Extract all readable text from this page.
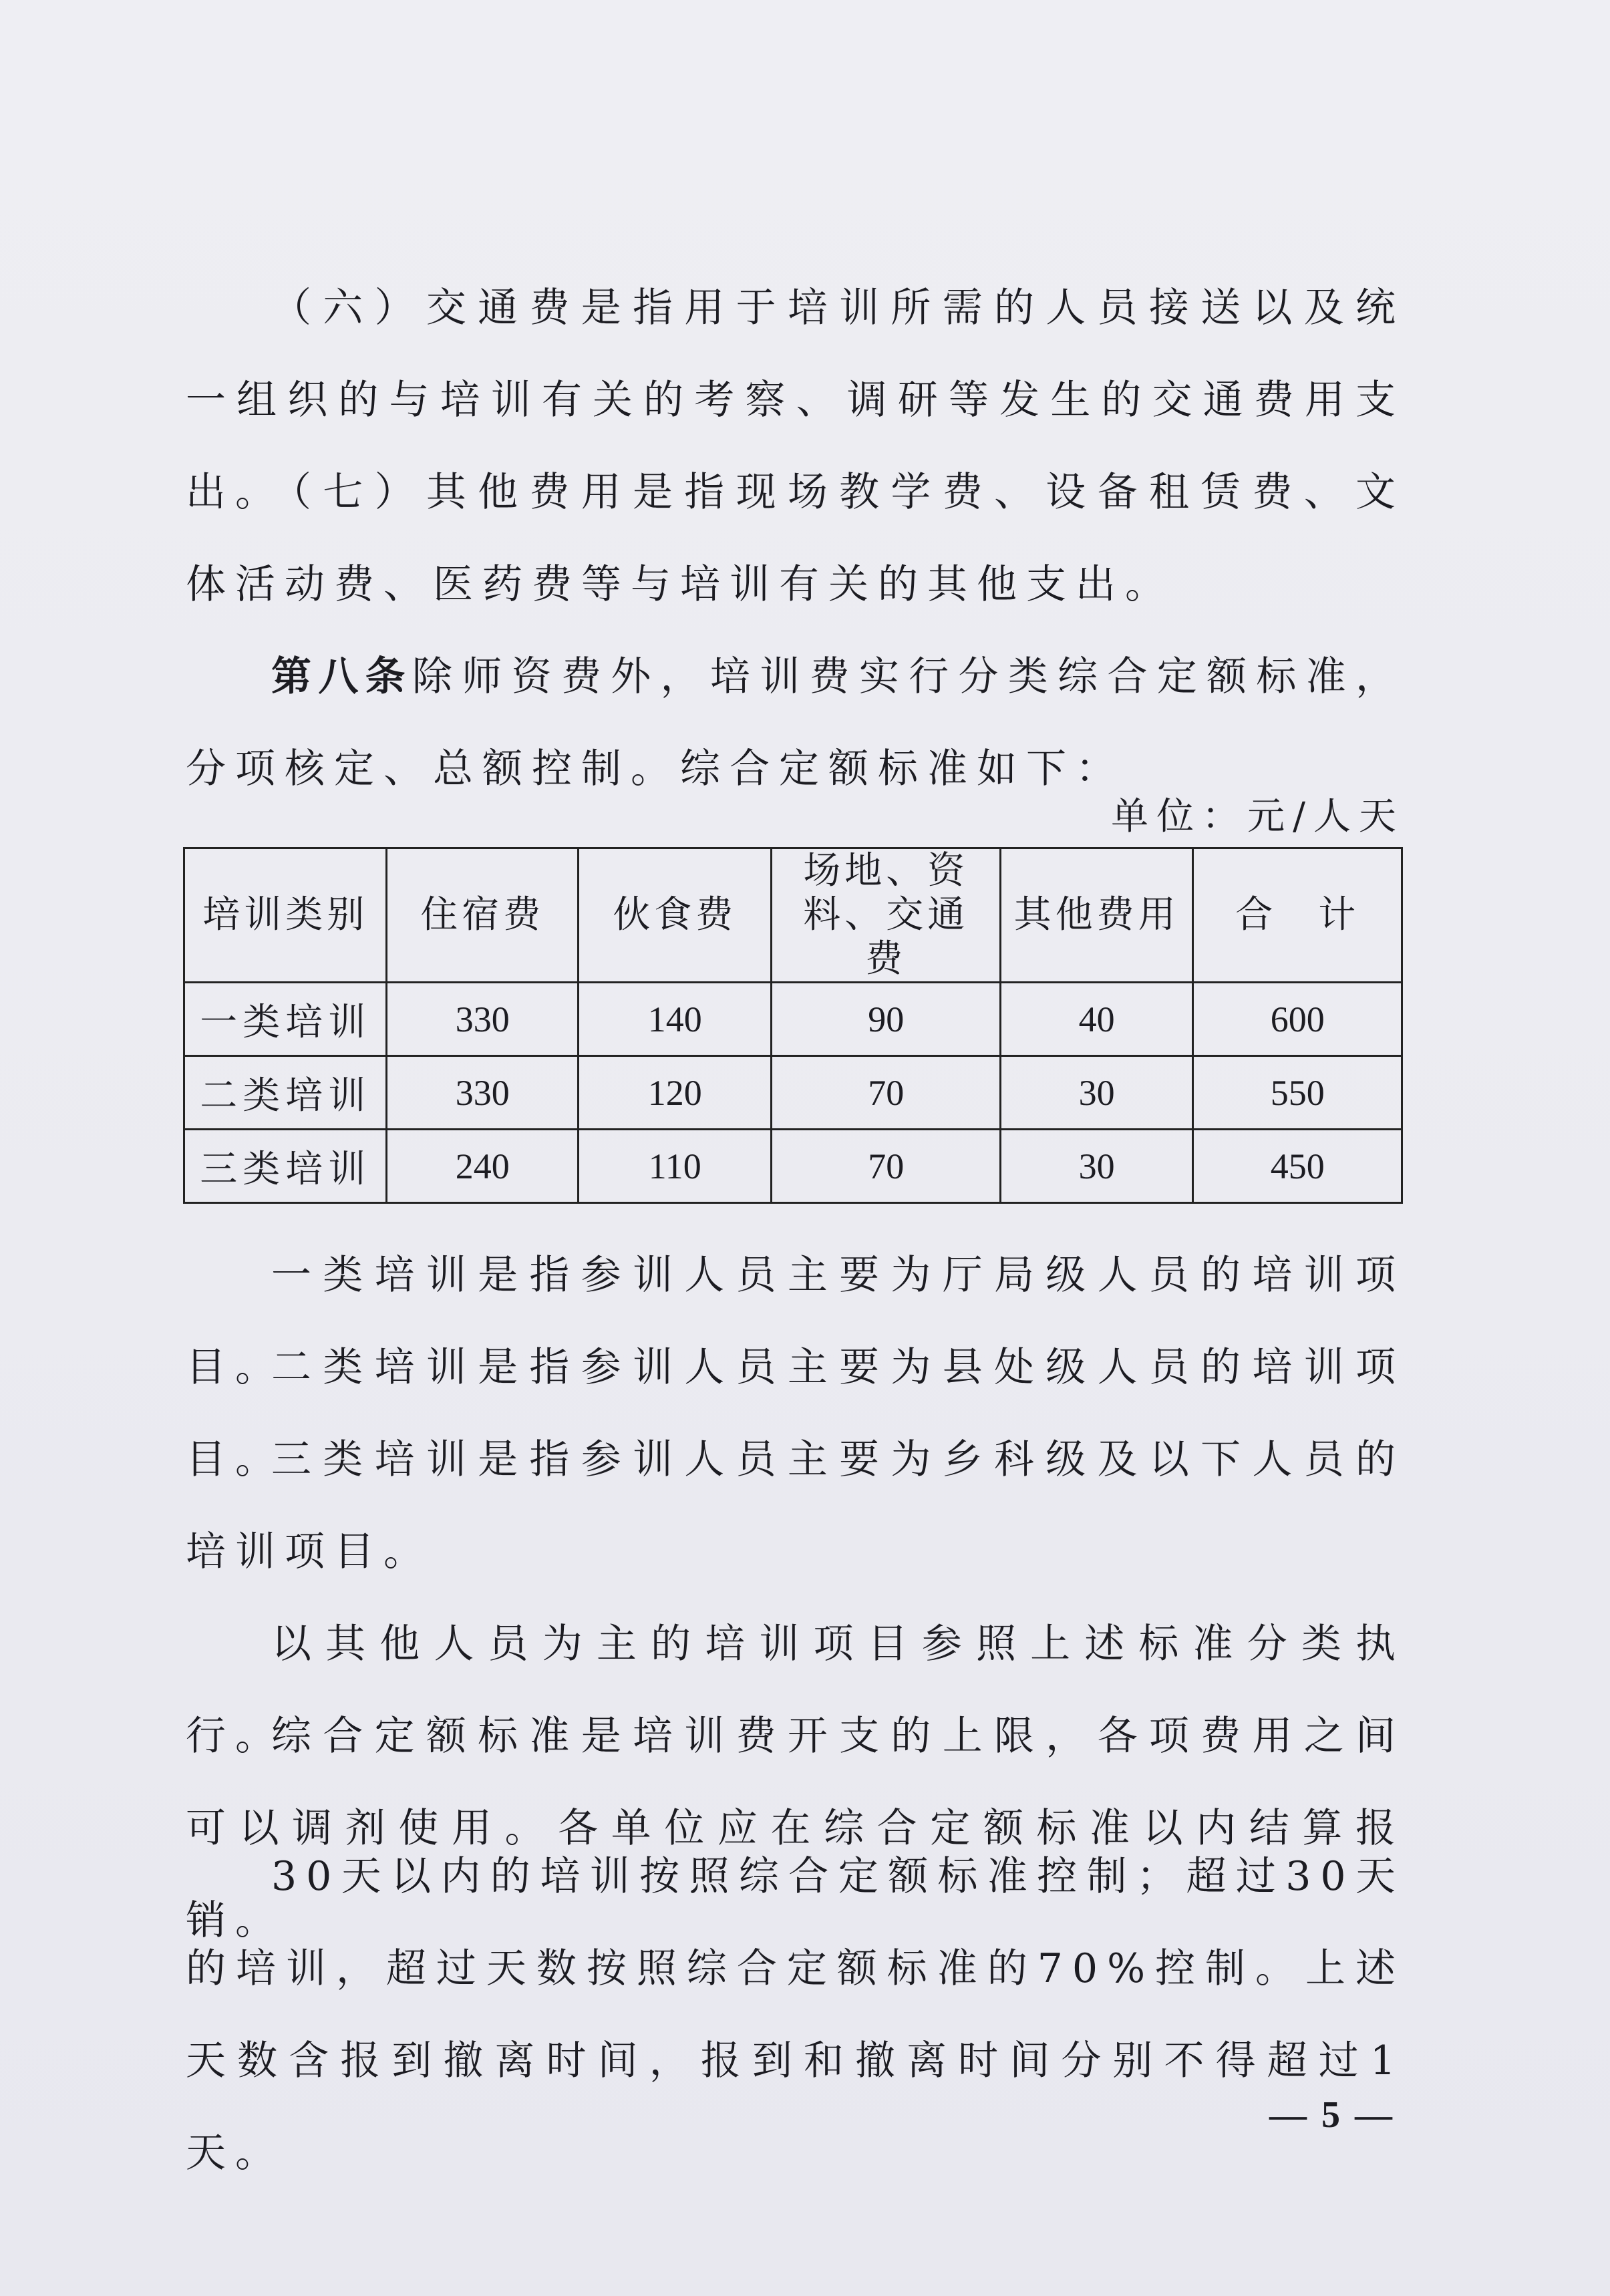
（六）交通费是指用于培训所需的人员接送以及统一组织的与培训有关的考察、调研等发生的交通费用支出。

（七）其他费用是指现场教学费、设备租赁费、文体活动费、医药费等与培训有关的其他支出。

第八条除师资费外，培训费实行分类综合定额标准，分项核定、总额控制。综合定额标准如下：

单位：元/人天
培训类别	住宿费	伙食费	场地、资料、交通费	其他费用	合　计
一类培训	330	140	90	40	600
二类培训	330	120	70	30	550
三类培训	240	110	70	30	450

一类培训是指参训人员主要为厅局级人员的培训项目。

二类培训是指参训人员主要为县处级人员的培训项目。

三类培训是指参训人员主要为乡科级及以下人员的培训项目。

以其他人员为主的培训项目参照上述标准分类执行。

综合定额标准是培训费开支的上限，各项费用之间可以调剂使用。各单位应在综合定额标准以内结算报销。

30天以内的培训按照综合定额标准控制；超过30天的培训，超过天数按照综合定额标准的70%控制。上述天数含报到撤离时间，报到和撤离时间分别不得超过1天。

— 5 —
